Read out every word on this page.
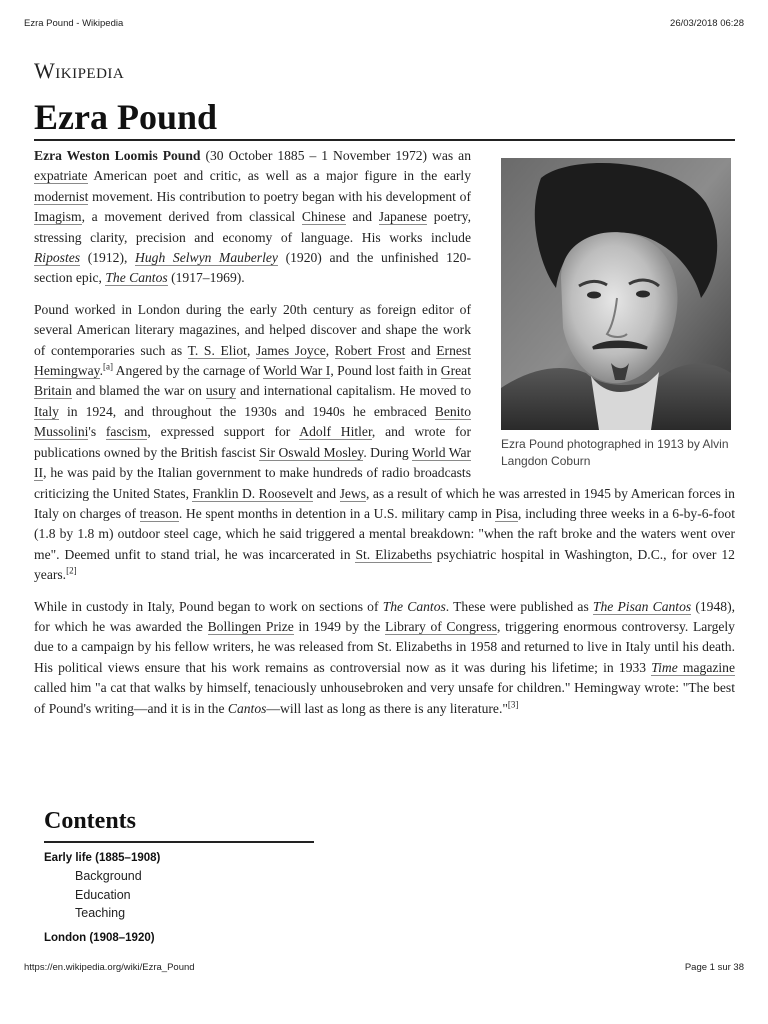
Ezra Pound - Wikipedia	26/03/2018 06:28
Wikipedia
Ezra Pound
Ezra Pound photographed in 1913 by Alvin Langdon Coburn

Ezra Weston Loomis Pound (30 October 1885 – 1 November 1972) was an expatriate American poet and critic, as well as a major figure in the early modernist movement. His contribution to poetry began with his development of Imagism, a movement derived from classical Chinese and Japanese poetry, stressing clarity, precision and economy of language. His works include Ripostes (1912), Hugh Selwyn Mauberley (1920) and the unfinished 120-section epic, The Cantos (1917–1969).

Pound worked in London during the early 20th century as foreign editor of several American literary magazines, and helped discover and shape the work of contemporaries such as T. S. Eliot, James Joyce, Robert Frost and Ernest Hemingway.[a] Angered by the carnage of World War I, Pound lost faith in Great Britain and blamed the war on usury and international capitalism. He moved to Italy in 1924, and throughout the 1930s and 1940s he embraced Benito Mussolini's fascism, expressed support for Adolf Hitler, and wrote for publications owned by the British fascist Sir Oswald Mosley. During World War II, he was paid by the Italian government to make hundreds of radio broadcasts criticizing the United States, Franklin D. Roosevelt and Jews, as a result of which he was arrested in 1945 by American forces in Italy on charges of treason. He spent months in detention in a U.S. military camp in Pisa, including three weeks in a 6-by-6-foot (1.8 by 1.8 m) outdoor steel cage, which he said triggered a mental breakdown: "when the raft broke and the waters went over me". Deemed unfit to stand trial, he was incarcerated in St. Elizabeths psychiatric hospital in Washington, D.C., for over 12 years.[2]

While in custody in Italy, Pound began to work on sections of The Cantos. These were published as The Pisan Cantos (1948), for which he was awarded the Bollingen Prize in 1949 by the Library of Congress, triggering enormous controversy. Largely due to a campaign by his fellow writers, he was released from St. Elizabeths in 1958 and returned to live in Italy until his death. His political views ensure that his work remains as controversial now as it was during his lifetime; in 1933 Time magazine called him "a cat that walks by himself, tenaciously unhousebroken and very unsafe for children." Hemingway wrote: "The best of Pound's writing—and it is in the Cantos—will last as long as there is any literature."[3]

Contents
Early life (1885–1908)
Background
Education
Teaching
London (1908–1920)
https://en.wikipedia.org/wiki/Ezra_Pound	Page 1 sur 38
